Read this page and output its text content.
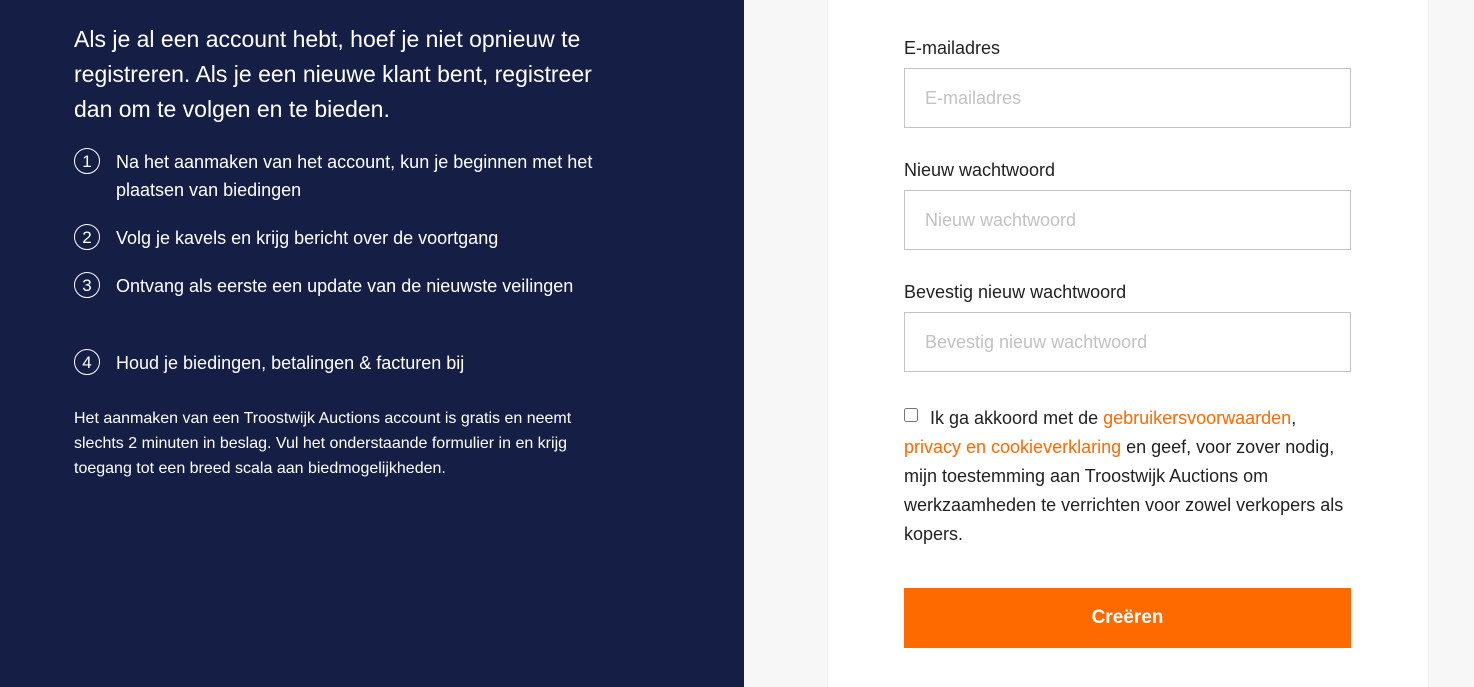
Als je al een account hebt, hoef je niet opnieuw te registreren. Als je een nieuwe klant bent, registreer dan om te volgen en te bieden.

1	Na het aanmaken van het account, kun je beginnen met het plaatsen van biedingen
2	Volg je kavels en krijg bericht over de voortgang
3	Ontvang als eerste een update van de nieuwste veilingen
4	Houd je biedingen, betalingen & facturen bij

Het aanmaken van een Troostwijk Auctions account is gratis en neemt slechts 2 minuten in beslag. Vul het onderstaande formulier in en krijg toegang tot een breed scala aan biedmogelijkheden.

E-mailadres
E-mailadres
Nieuw wachtwoord
Bevestig nieuw wachtwoord
Ik ga akkoord met de gebruikersvoorwaarden, privacy en cookieverklaring en geef, voor zover nodig, mijn toestemming aan Troostwijk Auctions om werkzaamheden te verrichten voor zowel verkopers als kopers.
Creëren
